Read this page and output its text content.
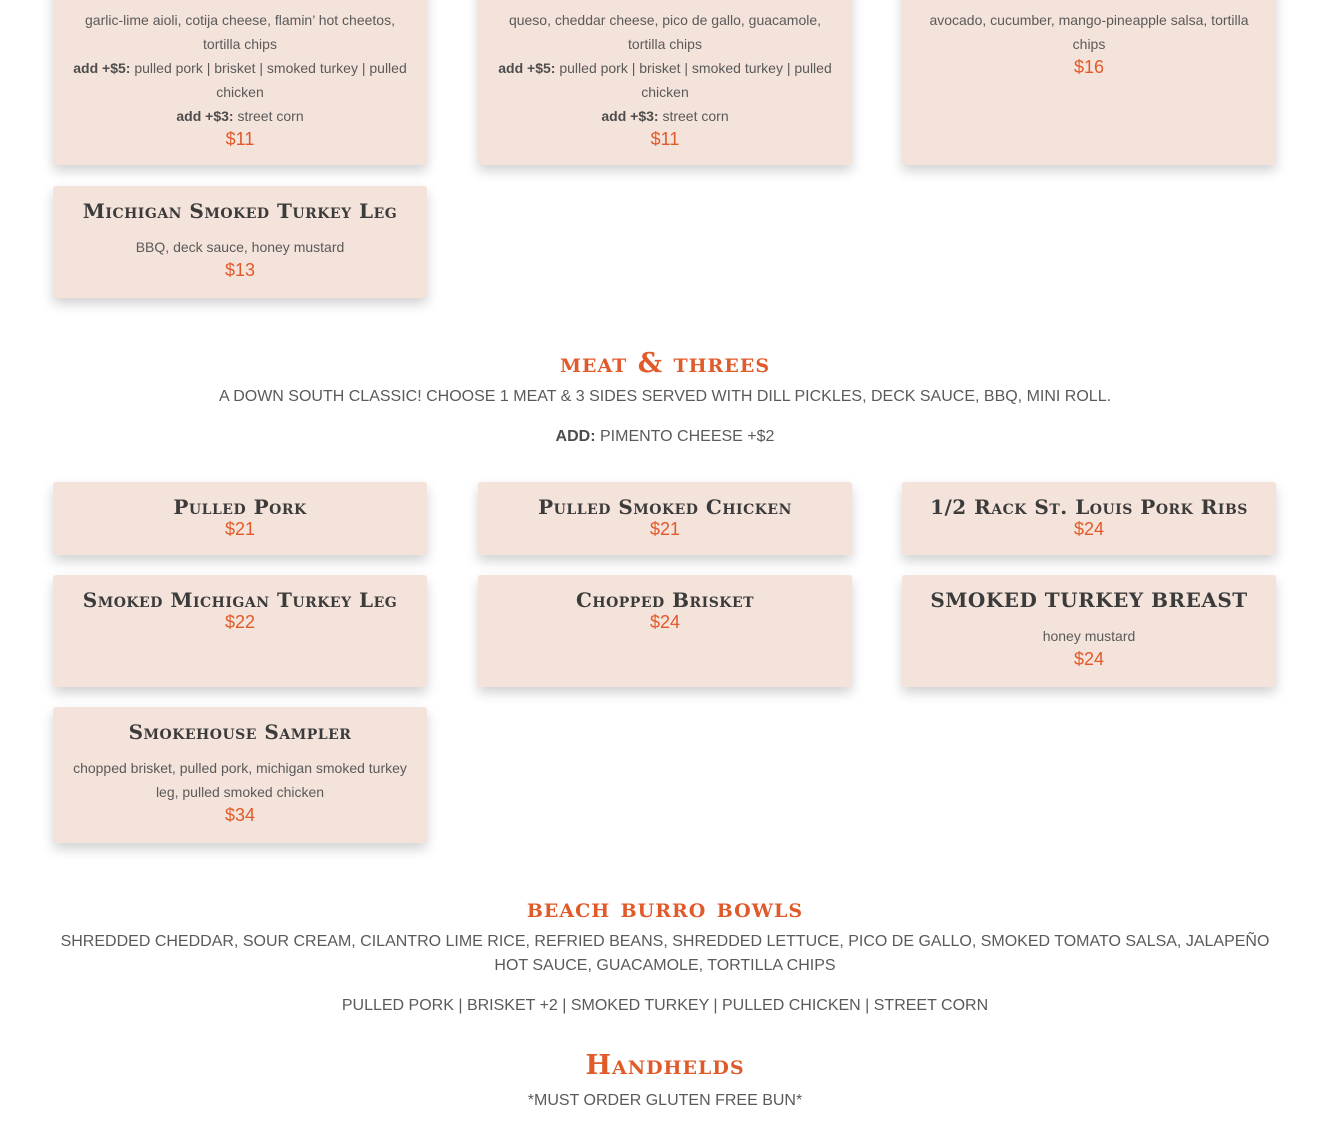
garlic-lime aioli, cotija cheese, flamin’ hot cheetos, tortilla chips

add +$5: pulled pork | brisket | smoked turkey | pulled chicken

add +$3: street corn

$11

queso, cheddar cheese, pico de gallo, guacamole, tortilla chips

add +$5: pulled pork | brisket | smoked turkey | pulled chicken

add +$3: street corn

$11

avocado, cucumber, mango-pineapple salsa, tortilla chips

$16

Michigan Smoked Turkey Leg

BBQ, deck sauce, honey mustard

$13

meat & threes

A DOWN SOUTH CLASSIC! CHOOSE 1 MEAT & 3 SIDES SERVED WITH DILL PICKLES, DECK SAUCE, BBQ, MINI ROLL.

ADD: PIMENTO CHEESE +$2

Pulled Pork

$21

Pulled Smoked Chicken

$21

1/2 Rack St. Louis Pork Ribs

$24

Smoked Michigan Turkey Leg

$22

Chopped Brisket

$24

SMOKED TURKEY BREAST

honey mustard

$24

Smokehouse Sampler

chopped brisket, pulled pork, michigan smoked turkey leg, pulled smoked chicken

$34

beach burro bowls

SHREDDED CHEDDAR, SOUR CREAM, CILANTRO LIME RICE, REFRIED BEANS, SHREDDED LETTUCE, PICO DE GALLO, SMOKED TOMATO SALSA, JALAPEÑO HOT SAUCE, GUACAMOLE, TORTILLA CHIPS

PULLED PORK | BRISKET +2 | SMOKED TURKEY | PULLED CHICKEN | STREET CORN

Handhelds

*MUST ORDER GLUTEN FREE BUN*
